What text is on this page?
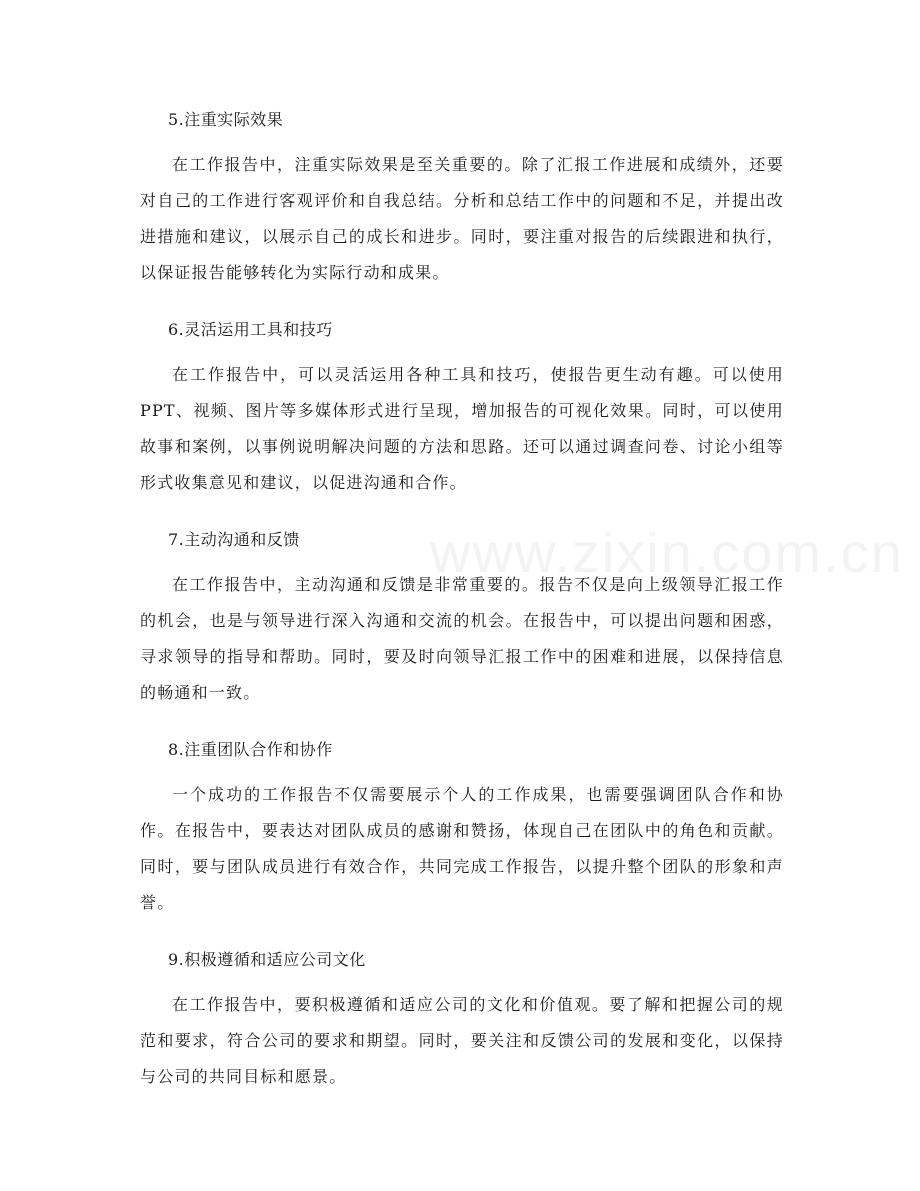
www.zixin.com.cn
5.注重实际效果

在工作报告中，注重实际效果是至关重要的。除了汇报工作进展和成绩外，还要对自己的工作进行客观评价和自我总结。分析和总结工作中的问题和不足，并提出改进措施和建议，以展示自己的成长和进步。同时，要注重对报告的后续跟进和执行，以保证报告能够转化为实际行动和成果。

6.灵活运用工具和技巧

在工作报告中，可以灵活运用各种工具和技巧，使报告更生动有趣。可以使用PPT、视频、图片等多媒体形式进行呈现，增加报告的可视化效果。同时，可以使用故事和案例，以事例说明解决问题的方法和思路。还可以通过调查问卷、讨论小组等形式收集意见和建议，以促进沟通和合作。

7.主动沟通和反馈

在工作报告中，主动沟通和反馈是非常重要的。报告不仅是向上级领导汇报工作的机会，也是与领导进行深入沟通和交流的机会。在报告中，可以提出问题和困惑，寻求领导的指导和帮助。同时，要及时向领导汇报工作中的困难和进展，以保持信息的畅通和一致。

8.注重团队合作和协作

一个成功的工作报告不仅需要展示个人的工作成果，也需要强调团队合作和协作。在报告中，要表达对团队成员的感谢和赞扬，体现自己在团队中的角色和贡献。同时，要与团队成员进行有效合作，共同完成工作报告，以提升整个团队的形象和声誉。

9.积极遵循和适应公司文化

在工作报告中，要积极遵循和适应公司的文化和价值观。要了解和把握公司的规范和要求，符合公司的要求和期望。同时，要关注和反馈公司的发展和变化，以保持与公司的共同目标和愿景。
